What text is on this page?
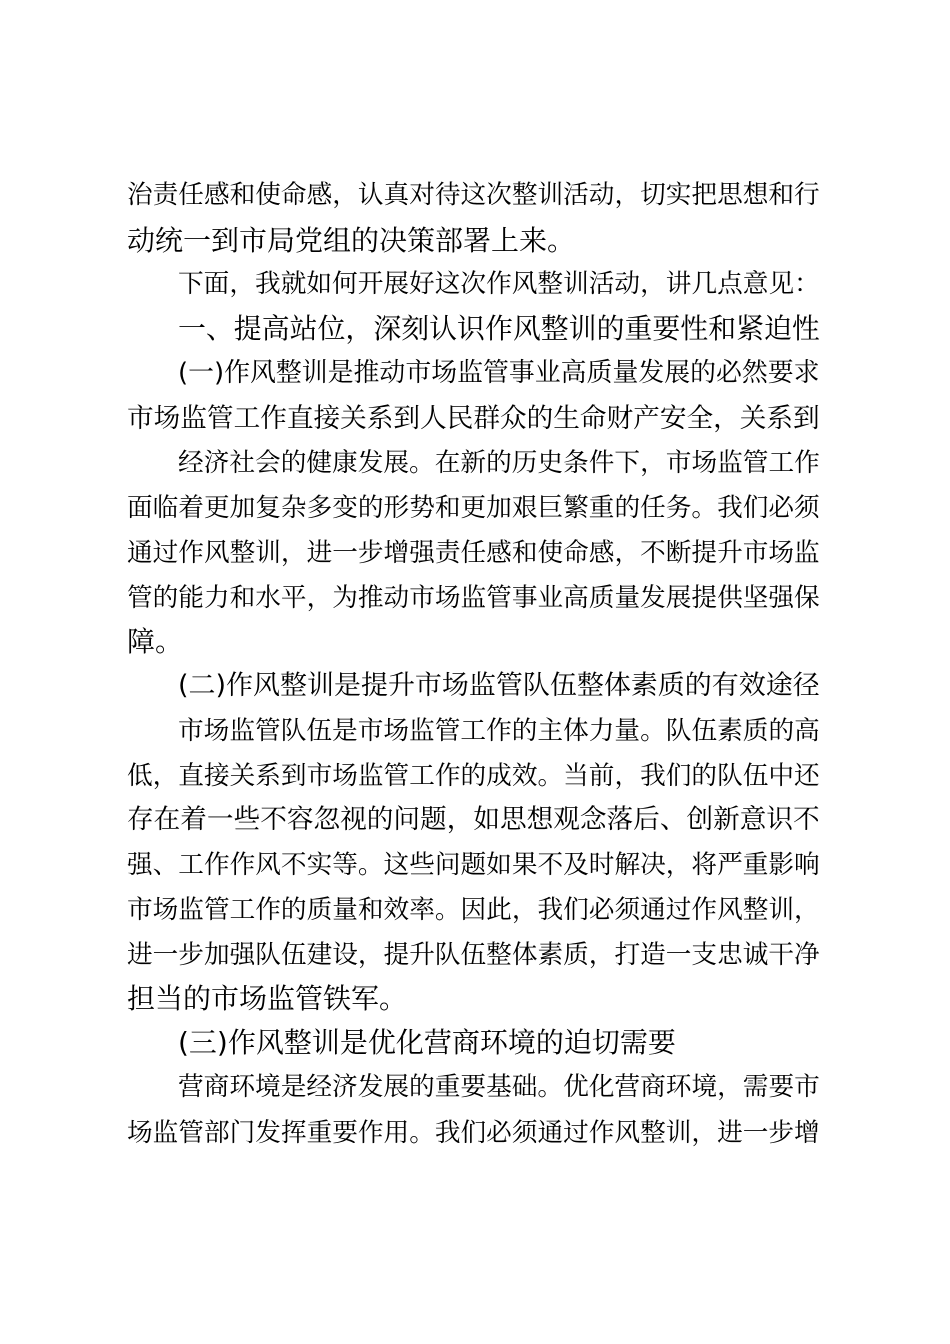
治责任感和使命感，认真对待这次整训活动，切实把思想和行
动统一到市局党组的决策部署上来。
下面，我就如何开展好这次作风整训活动，讲几点意见：
一、提高站位，深刻认识作风整训的重要性和紧迫性
(一)作风整训是推动市场监管事业高质量发展的必然要求
市场监管工作直接关系到人民群众的生命财产安全，关系到
经济社会的健康发展。在新的历史条件下，市场监管工作
面临着更加复杂多变的形势和更加艰巨繁重的任务。我们必须
通过作风整训，进一步增强责任感和使命感，不断提升市场监
管的能力和水平，为推动市场监管事业高质量发展提供坚强保
障。
(二)作风整训是提升市场监管队伍整体素质的有效途径
市场监管队伍是市场监管工作的主体力量。队伍素质的高
低，直接关系到市场监管工作的成效。当前，我们的队伍中还
存在着一些不容忽视的问题，如思想观念落后、创新意识不
强、工作作风不实等。这些问题如果不及时解决，将严重影响
市场监管工作的质量和效率。因此，我们必须通过作风整训，
进一步加强队伍建设，提升队伍整体素质，打造一支忠诚干净
担当的市场监管铁军。
(三)作风整训是优化营商环境的迫切需要
营商环境是经济发展的重要基础。优化营商环境，需要市
场监管部门发挥重要作用。我们必须通过作风整训，进一步增
